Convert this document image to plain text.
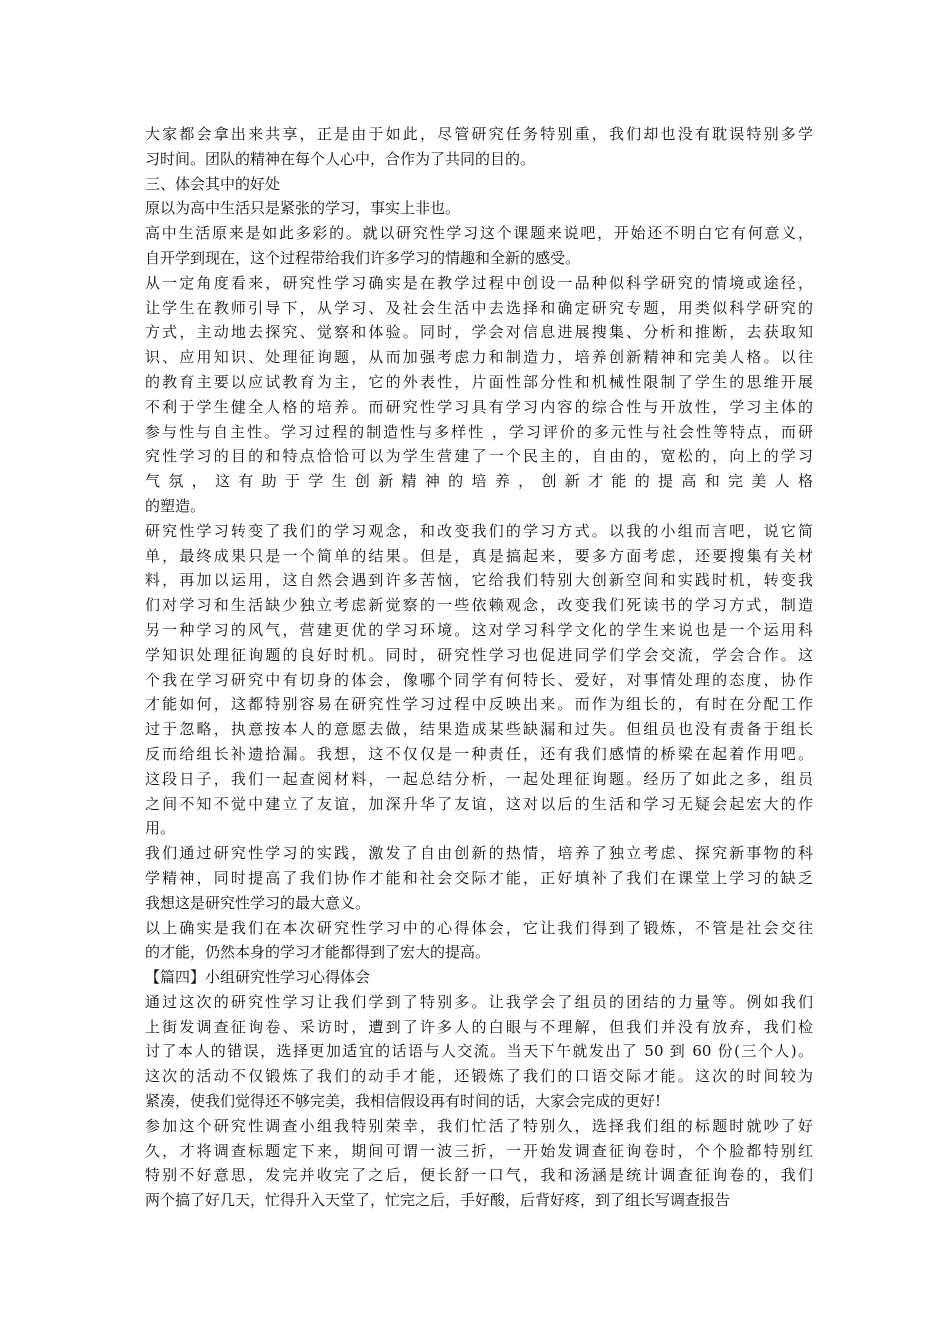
大家都会拿出来共享，正是由于如此，尽管研究任务特别重，我们却也没有耽误特别多学
习时间。团队的精神在每个人心中，合作为了共同的目的。
三、体会其中的好处
原以为高中生活只是紧张的学习，事实上非也。
高中生活原来是如此多彩的。就以研究性学习这个课题来说吧，开始还不明白它有何意义，
自开学到现在，这个过程带给我们许多学习的情趣和全新的感受。
从一定角度看来，研究性学习确实是在教学过程中创设一品种似科学研究的情境或途径，
让学生在教师引导下，从学习、及社会生活中去选择和确定研究专题，用类似科学研究的
方式，主动地去探究、觉察和体验。同时，学会对信息进展搜集、分析和推断，去获取知
识、应用知识、处理征询题，从而加强考虑力和制造力，培养创新精神和完美人格。以往
的教育主要以应试教育为主，它的外表性，片面性部分性和机械性限制了学生的思维开展
不利于学生健全人格的培养。而研究性学习具有学习内容的综合性与开放性，学习主体的
参与性与自主性。学习过程的制造性与多样性 ，学习评价的多元性与社会性等特点，而研
究性学习的目的和特点恰恰可以为学生营建了一个民主的，自由的，宽松的，向上的学习
气氛，这有助于学生创新精神的培养，创新才能的提高和完美人格
的塑造。
研究性学习转变了我们的学习观念，和改变我们的学习方式。以我的小组而言吧，说它简
单，最终成果只是一个简单的结果。但是，真是搞起来，要多方面考虑，还要搜集有关材
料，再加以运用，这自然会遇到许多苦恼，它给我们特别大创新空间和实践时机，转变我
们对学习和生活缺少独立考虑新觉察的一些依赖观念，改变我们死读书的学习方式，制造
另一种学习的风气，营建更优的学习环境。这对学习科学文化的学生来说也是一个运用科
学知识处理征询题的良好时机。同时，研究性学习也促进同学们学会交流，学会合作。这
个我在学习研究中有切身的体会，像哪个同学有何特长、爱好，对事情处理的态度，协作
才能如何，这都特别容易在研究性学习过程中反映出来。而作为组长的，有时在分配工作
过于忽略，执意按本人的意愿去做，结果造成某些缺漏和过失。但组员也没有责备于组长
反而给组长补遗拾漏。我想，这不仅仅是一种责任，还有我们感情的桥梁在起着作用吧。
这段日子，我们一起查阅材料，一起总结分析，一起处理征询题。经历了如此之多，组员
之间不知不觉中建立了友谊，加深升华了友谊，这对以后的生活和学习无疑会起宏大的作
用。
我们通过研究性学习的实践，激发了自由创新的热情，培养了独立考虑、探究新事物的科
学精神，同时提高了我们协作才能和社会交际才能，正好填补了我们在课堂上学习的缺乏
我想这是研究性学习的最大意义。
以上确实是我们在本次研究性学习中的心得体会，它让我们得到了锻炼，不管是社会交往
的才能，仍然本身的学习才能都得到了宏大的提高。
【篇四】小组研究性学习心得体会
通过这次的研究性学习让我们学到了特别多。让我学会了组员的团结的力量等。例如我们
上街发调查征询卷、采访时，遭到了许多人的白眼与不理解，但我们并没有放弃，我们检
讨了本人的错误，选择更加适宜的话语与人交流。当天下午就发出了 50 到 60 份(三个人)。
这次的活动不仅锻炼了我们的动手才能，还锻炼了我们的口语交际才能。这次的时间较为
紧凑，使我们觉得还不够完美，我相信假设再有时间的话，大家会完成的更好!
参加这个研究性调查小组我特别荣幸，我们忙活了特别久，选择我们组的标题时就吵了好
久，才将调查标题定下来，期间可谓一波三折，一开始发调查征询卷时，个个脸都特别红
特别不好意思，发完并收完了之后，便长舒一口气，我和汤涵是统计调查征询卷的，我们
两个搞了好几天，忙得升入天堂了，忙完之后，手好酸，后背好疼，到了组长写调查报告
